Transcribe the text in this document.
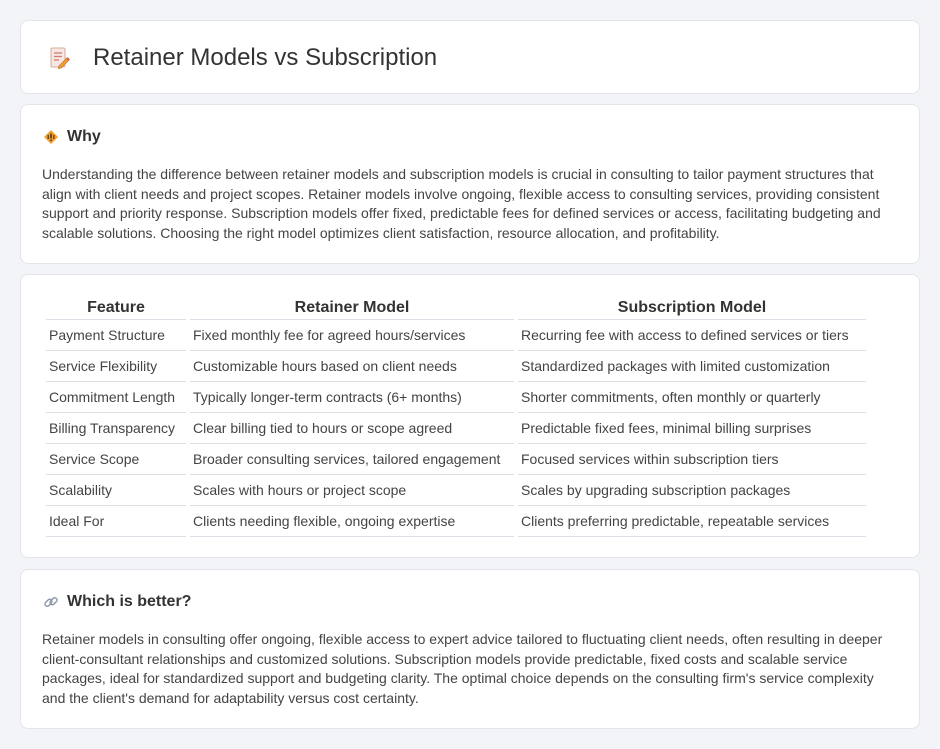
Retainer Models vs Subscription
Why

Understanding the difference between retainer models and subscription models is crucial in consulting to tailor payment structures that align with client needs and project scopes. Retainer models involve ongoing, flexible access to consulting services, providing consistent support and priority response. Subscription models offer fixed, predictable fees for defined services or access, facilitating budgeting and scalable solutions. Choosing the right model optimizes client satisfaction, resource allocation, and profitability.

Feature	Retainer Model	Subscription Model
Payment Structure	Fixed monthly fee for agreed hours/services	Recurring fee with access to defined services or tiers
Service Flexibility	Customizable hours based on client needs	Standardized packages with limited customization
Commitment Length	Typically longer-term contracts (6+ months)	Shorter commitments, often monthly or quarterly
Billing Transparency	Clear billing tied to hours or scope agreed	Predictable fixed fees, minimal billing surprises
Service Scope	Broader consulting services, tailored engagement	Focused services within subscription tiers
Scalability	Scales with hours or project scope	Scales by upgrading subscription packages
Ideal For	Clients needing flexible, ongoing expertise	Clients preferring predictable, repeatable services
Which is better?

Retainer models in consulting offer ongoing, flexible access to expert advice tailored to fluctuating client needs, often resulting in deeper client-consultant relationships and customized solutions. Subscription models provide predictable, fixed costs and scalable service packages, ideal for standardized support and budgeting clarity. The optimal choice depends on the consulting firm's service complexity and the client's demand for adaptability versus cost certainty.
